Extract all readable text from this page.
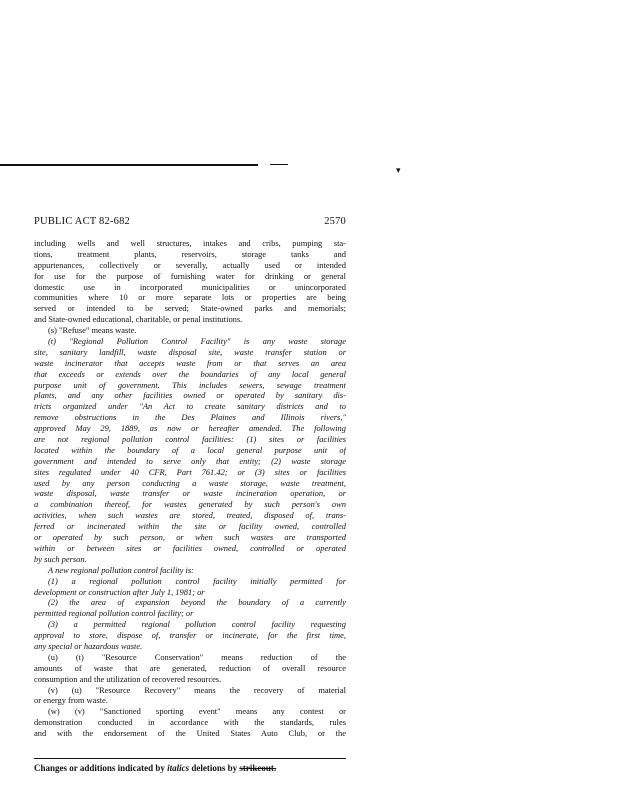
▾
PUBLIC ACT 82-682	2570
including wells and well structures, intakes and cribs, pumping sta-
tions, treatment plants, reservoirs, storage tanks and
appurtenances, collectively or severally, actually used or intended
for use for the purpose of furnishing water for drinking or general
domestic use in incorporated municipalities or unincorporated
communities where 10 or more separate lots or properties are being
served or intended to be served; State-owned parks and memorials;
and State-owned educational, charitable, or penal institutions.
(s) "Refuse" means waste.
(t) "Regional Pollution Control Facility" is any waste storage
site, sanitary landfill, waste disposal site, waste transfer station or
waste incinerator that accepts waste from or that serves an area
that exceeds or extends over the boundaries of any local general
purpose unit of government. This includes sewers, sewage treatment
plants, and any other facilities owned or operated by sanitary dis-
tricts organized under "An Act to create sanitary districts and to
remove obstructions in the Des Plaines and Illinois rivers,"
approved May 29, 1889, as now or hereafter amended. The following
are not regional pollution control facilities: (1) sites or facilities
located within the boundary of a local general purpose unit of
government and intended to serve only that entity; (2) waste storage
sites regulated under 40 CFR, Part 761.42; or (3) sites or facilities
used by any person conducting a waste storage, waste treatment,
waste disposal, waste transfer or waste incineration operation, or
a combination thereof, for wastes generated by such person's own
activities, when such wastes are stored, treated, disposed of, trans-
ferred or incinerated within the site or facility owned, controlled
or operated by such person, or when such wastes are transported
within or between sites or facilities owned, controlled or operated
by such person.
A new regional pollution control facility is:
(1) a regional pollution control facility initially permitted for
development or construction after July 1, 1981; or
(2) the area of expansion beyond the boundary of a currently
permitted regional pollution control facility; or
(3) a permitted regional pollution control facility requesting
approval to store, dispose of, transfer or incinerate, for the first time,
any special or hazardous waste.
(u) (t) "Resource Conservation" means reduction of the
amounts of waste that are generated, reduction of overall resource
consumption and the utilization of recovered resources.
(v) (u) "Resource Recovery" means the recovery of material
or energy from waste.
(w) (v) "Sanctioned sporting event" means any contest or
demonstration conducted in accordance with the standards, rules
and with the endorsement of the United States Auto Club, or the
Changes or additions indicated by italics deletions by strikeout.
